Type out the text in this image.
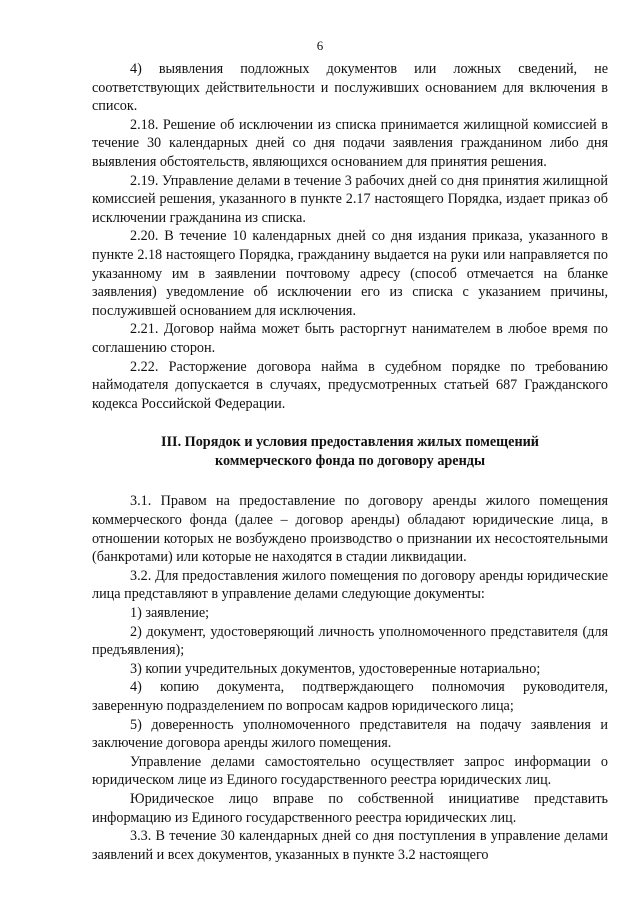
6

4) выявления подложных документов или ложных сведений, не соответствующих действительности и послуживших основанием для включения в список.

2.18. Решение об исключении из списка принимается жилищной комиссией в течение 30 календарных дней со дня подачи заявления гражданином либо дня выявления обстоятельств, являющихся основанием для принятия решения.

2.19. Управление делами в течение 3 рабочих дней со дня принятия жилищной комиссией решения, указанного в пункте 2.17 настоящего Порядка, издает приказ об исключении гражданина из списка.

2.20. В течение 10 календарных дней со дня издания приказа, указанного в пункте 2.18 настоящего Порядка, гражданину выдается на руки или направляется по указанному им в заявлении почтовому адресу (способ отмечается на бланке заявления) уведомление об исключении его из списка с указанием причины, послужившей основанием для исключения.

2.21. Договор найма может быть расторгнут нанимателем в любое время по соглашению сторон.

2.22. Расторжение договора найма в судебном порядке по требованию наймодателя допускается в случаях, предусмотренных статьей 687 Гражданского кодекса Российской Федерации.

III. Порядок и условия предоставления жилых помещений
коммерческого фонда по договору аренды

3.1. Правом на предоставление по договору аренды жилого помещения коммерческого фонда (далее – договор аренды) обладают юридические лица, в отношении которых не возбуждено производство о признании их несостоятельными (банкротами) или которые не находятся в стадии ликвидации.

3.2. Для предоставления жилого помещения по договору аренды юридические лица представляют в управление делами следующие документы:

1) заявление;

2) документ, удостоверяющий личность уполномоченного представителя (для предъявления);

3) копии учредительных документов, удостоверенные нотариально;

4) копию документа, подтверждающего полномочия руководителя, заверенную подразделением по вопросам кадров юридического лица;

5) доверенность уполномоченного представителя на подачу заявления и заключение договора аренды жилого помещения.

Управление делами самостоятельно осуществляет запрос информации о юридическом лице из Единого государственного реестра юридических лиц.

Юридическое лицо вправе по собственной инициативе представить информацию из Единого государственного реестра юридических лиц.

3.3. В течение 30 календарных дней со дня поступления в управление делами заявлений и всех документов, указанных в пункте 3.2 настоящего
